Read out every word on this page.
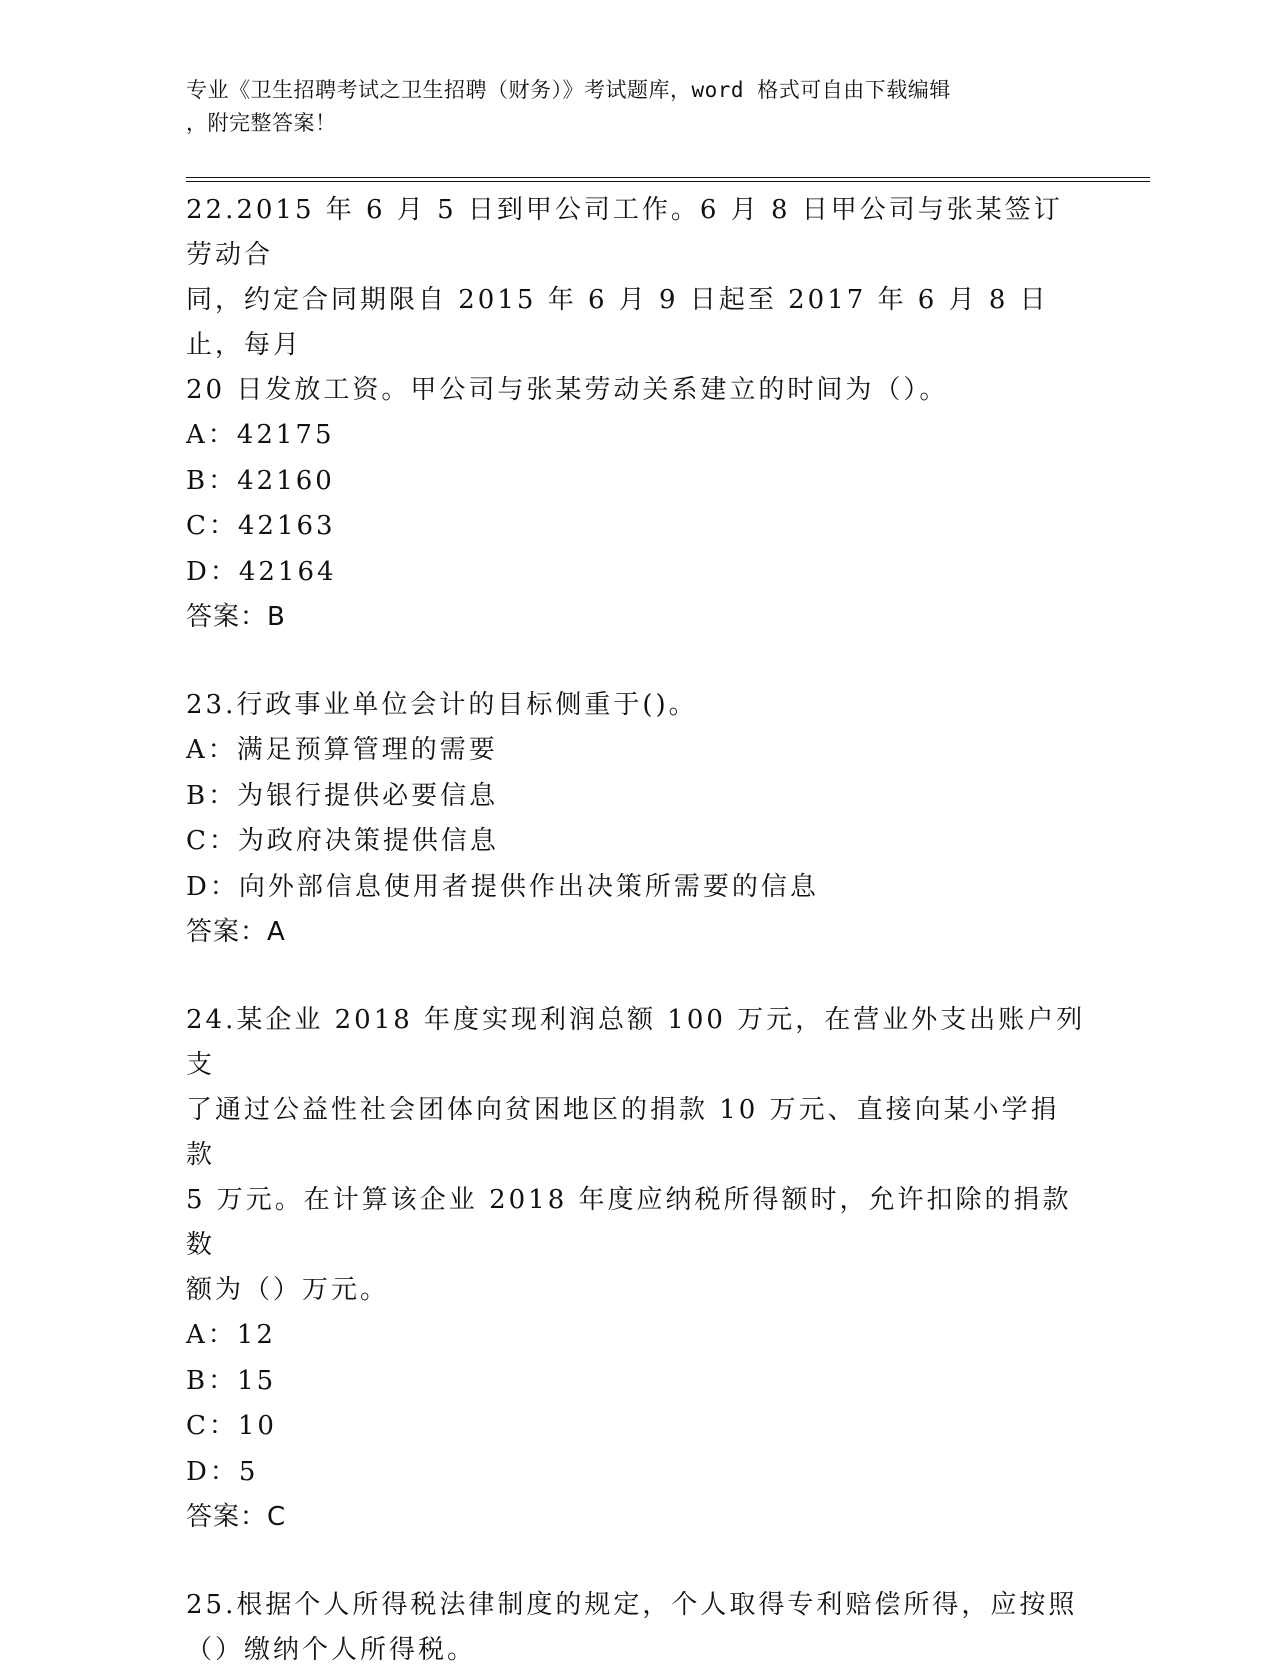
专业《卫生招聘考试之卫生招聘（财务）》考试题库，word 格式可自由下载编辑
，附完整答案！

22.2015 年 6 月 5 日到甲公司工作。6 月 8 日甲公司与张某签订劳动合

同，约定合同期限自 2015 年 6 月 9 日起至 2017 年 6 月 8 日止，每月

20 日发放工资。甲公司与张某劳动关系建立的时间为（）。

A：42175

B：42160

C：42163

D：42164

答案：B

23.行政事业单位会计的目标侧重于()。

A：满足预算管理的需要

B：为银行提供必要信息

C：为政府决策提供信息

D：向外部信息使用者提供作出决策所需要的信息

答案：A

24.某企业 2018 年度实现利润总额 100 万元，在营业外支出账户列支

了通过公益性社会团体向贫困地区的捐款 10 万元、直接向某小学捐款

5 万元。在计算该企业 2018 年度应纳税所得额时，允许扣除的捐款数

额为（）万元。

A：12

B：15

C：10

D：5

答案：C

25.根据个人所得税法律制度的规定，个人取得专利赔偿所得，应按照

（）缴纳个人所得税。
